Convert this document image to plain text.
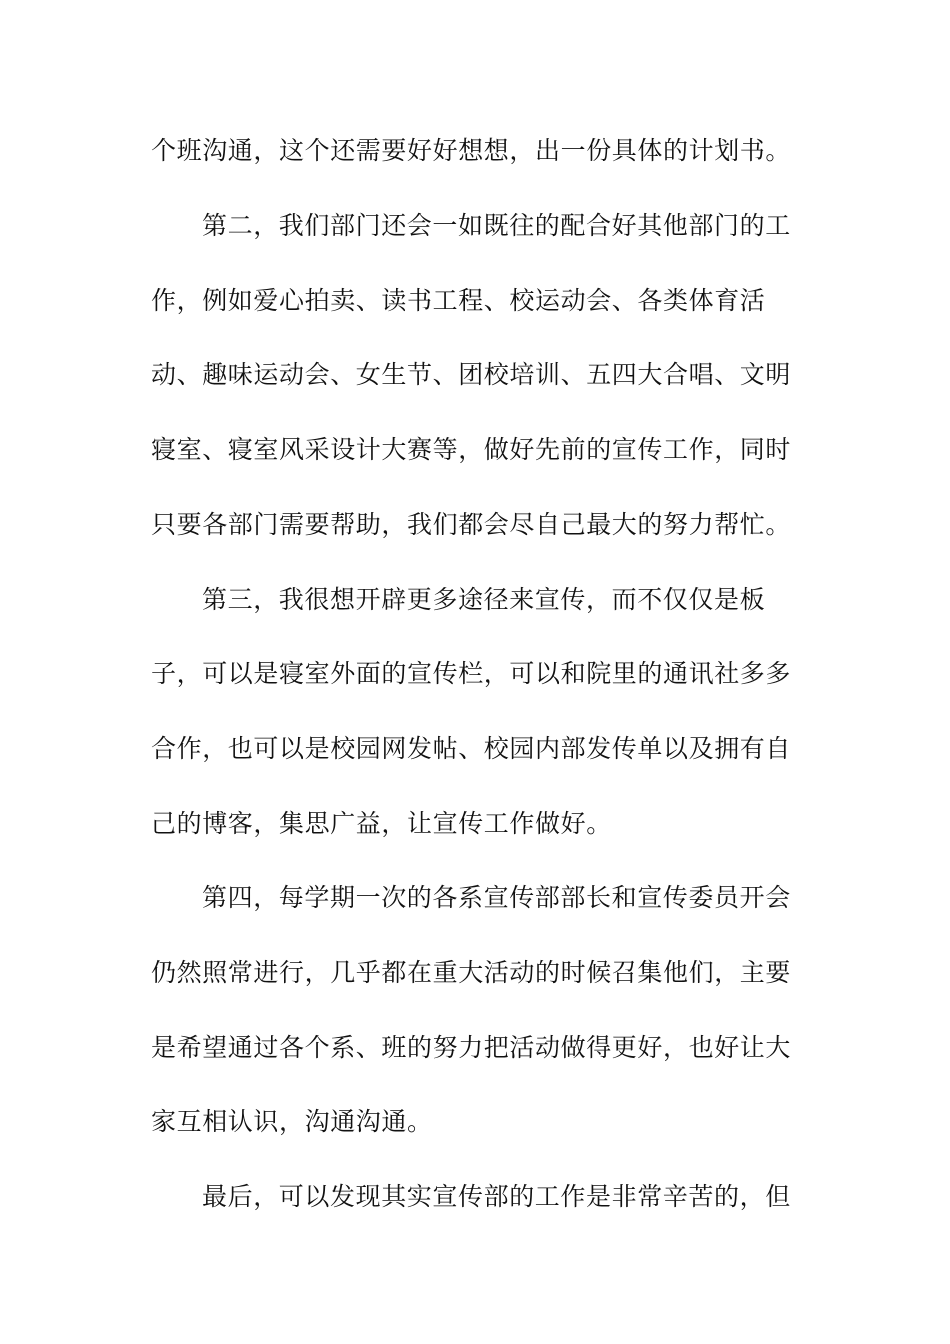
个班沟通，这个还需要好好想想，出一份具体的计划书。
第二，我们部门还会一如既往的配合好其他部门的工
作，例如爱心拍卖、读书工程、校运动会、各类体育活
动、趣味运动会、女生节、团校培训、五四大合唱、文明
寝室、寝室风采设计大赛等，做好先前的宣传工作，同时
只要各部门需要帮助，我们都会尽自己最大的努力帮忙。
第三，我很想开辟更多途径来宣传，而不仅仅是板
子，可以是寝室外面的宣传栏，可以和院里的通讯社多多
合作，也可以是校园网发帖、校园内部发传单以及拥有自
己的博客，集思广益，让宣传工作做好。
第四，每学期一次的各系宣传部部长和宣传委员开会
仍然照常进行，几乎都在重大活动的时候召集他们，主要
是希望通过各个系、班的努力把活动做得更好，也好让大
家互相认识，沟通沟通。
最后，可以发现其实宣传部的工作是非常辛苦的，但
